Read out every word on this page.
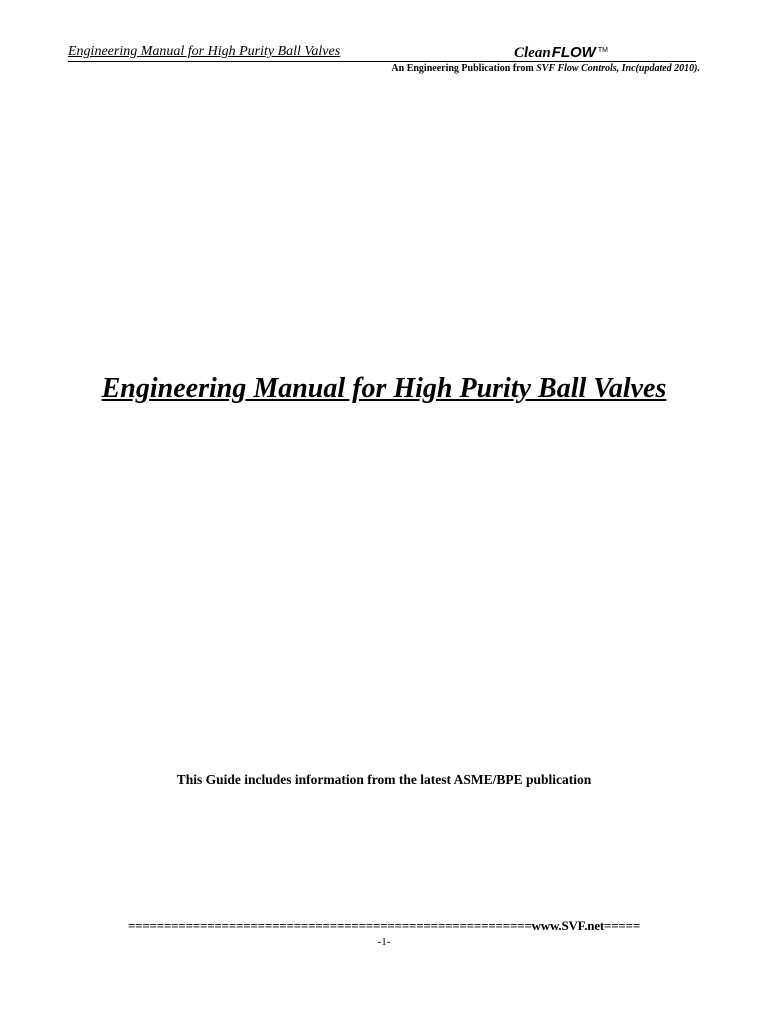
Engineering Manual for High Purity Ball Valves	CleanFLOW ™
An Engineering Publication from SVF Flow Controls, Inc(updated 2010).
Engineering Manual for High Purity Ball Valves
This Guide includes information from the latest ASME/BPE publication
========================================================www.SVF.net=====
-1-
